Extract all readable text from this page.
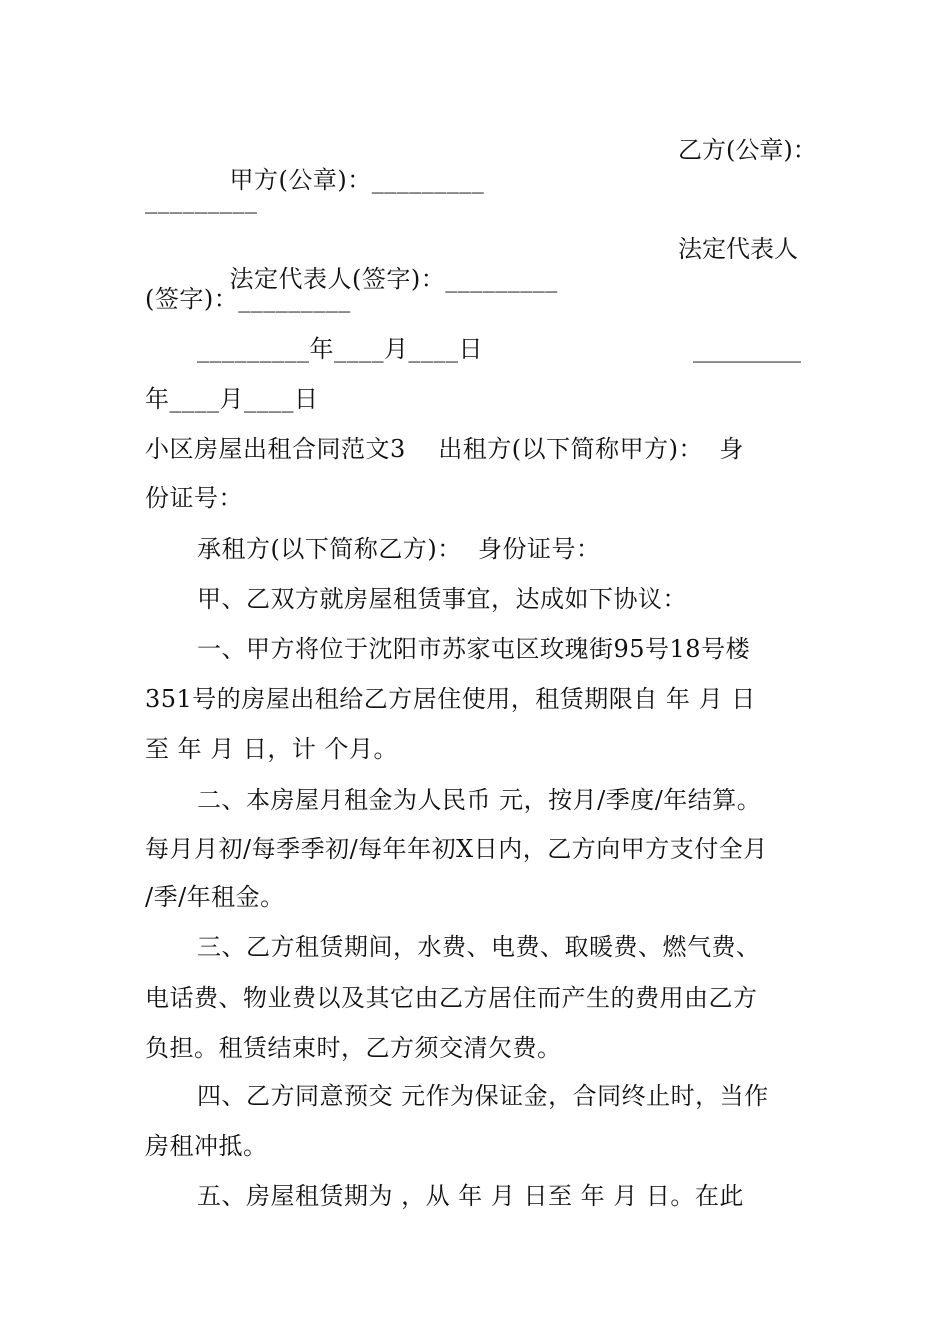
甲方(公章)：_________

乙方(公章)：
_________

法定代表人(签字)：_________

法定代表人
(签字)：_________
_________年____月____日	_________
年____月____日
小区房屋出租合同范文3    出租方(以下简称甲方)：  身
份证号：
承租方(以下简称乙方)：  身份证号：
甲、乙双方就房屋租赁事宜，达成如下协议：
一、甲方将位于沈阳市苏家屯区玫瑰街95号18号楼
351号的房屋出租给乙方居住使用，租赁期限自 年 月 日
至 年 月 日，计 个月。
二、本房屋月租金为人民币 元，按月/季度/年结算。
每月月初/每季季初/每年年初X日内，乙方向甲方支付全月
/季/年租金。
三、乙方租赁期间，水费、电费、取暖费、燃气费、
电话费、物业费以及其它由乙方居住而产生的费用由乙方
负担。租赁结束时，乙方须交清欠费。
四、乙方同意预交 元作为保证金，合同终止时，当作
房租冲抵。
五、房屋租赁期为 ，从 年 月 日至 年 月 日。在此
